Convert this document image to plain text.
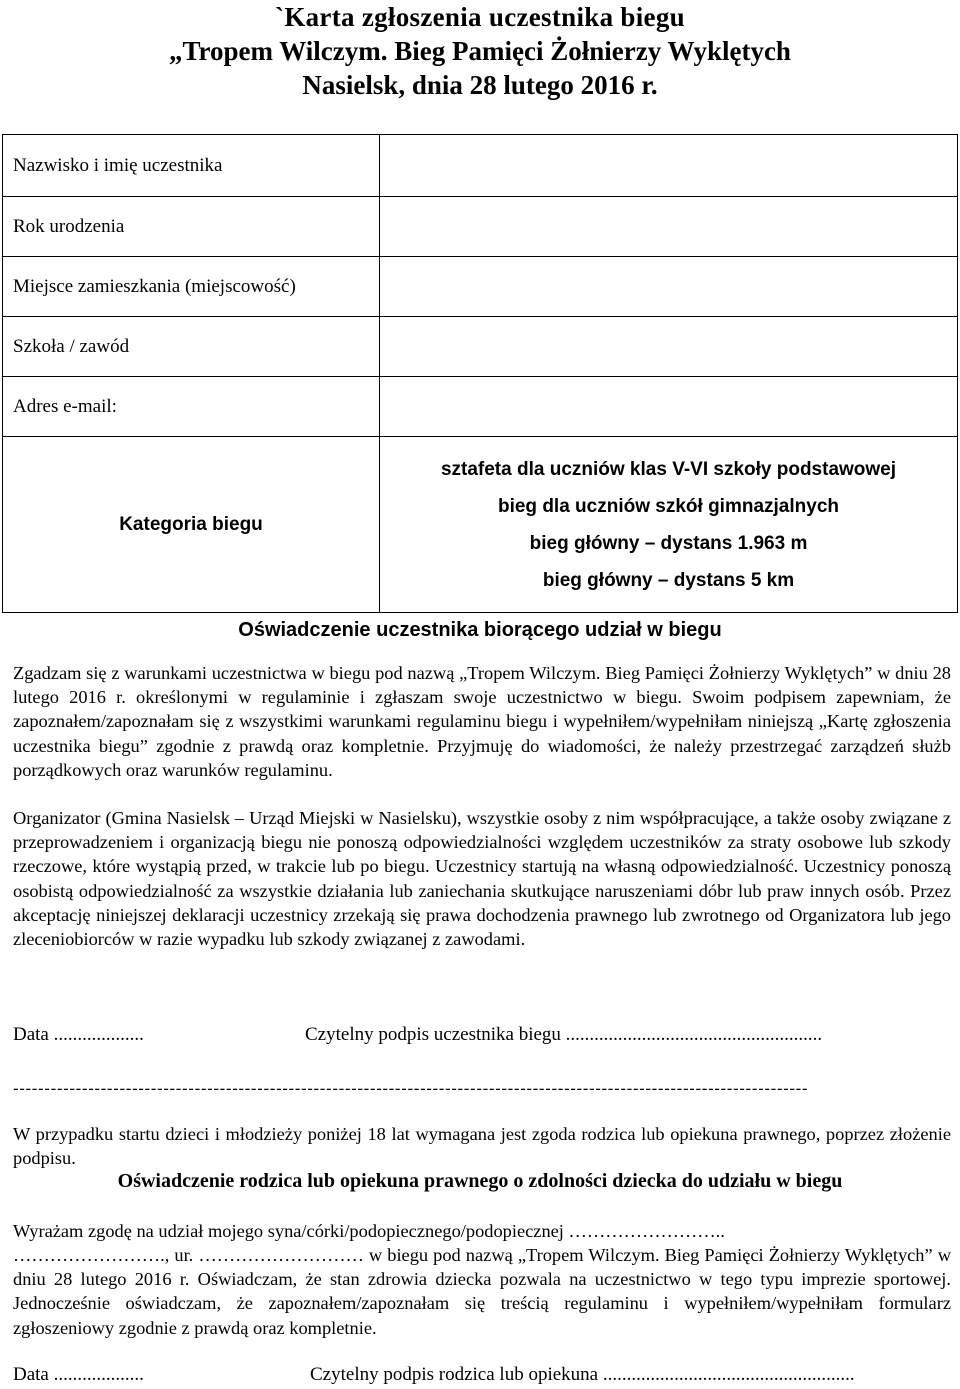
`Karta zgłoszenia uczestnika biegu
„Tropem Wilczym. Bieg Pamięci Żołnierzy Wyklętych
Nasielsk, dnia 28 lutego 2016 r.
Nazwisko i imię uczestnika	
Rok urodzenia	
Miejsce zamieszkania (miejscowość)	
Szkoła / zawód	
Adres e-mail:	
Kategoria biegu	sztafeta dla uczniów klas V-VI szkoły podstawowej
bieg dla uczniów szkół gimnazjalnych
bieg główny – dystans 1.963 m
bieg główny – dystans 5 km
Oświadczenie uczestnika biorącego udział w biegu
Zgadzam się z warunkami uczestnictwa w biegu pod nazwą „Tropem Wilczym. Bieg Pamięci Żołnierzy Wyklętych” w dniu 28 lutego 2016 r. określonymi w regulaminie i zgłaszam swoje uczestnictwo w biegu. Swoim podpisem zapewniam, że zapoznałem/zapoznałam się z wszystkimi warunkami regulaminu biegu i wypełniłem/wypełniłam niniejszą „Kartę zgłoszenia uczestnika biegu” zgodnie z prawdą oraz kompletnie. Przyjmuję do wiadomości, że należy przestrzegać zarządzeń służb porządkowych oraz warunków regulaminu.
Organizator (Gmina Nasielsk – Urząd Miejski w Nasielsku), wszystkie osoby z nim współpracujące, a także osoby związane z przeprowadzeniem i organizacją biegu nie ponoszą odpowiedzialności względem uczestników za straty osobowe lub szkody rzeczowe, które wystąpią przed, w trakcie lub po biegu. Uczestnicy startują na własną odpowiedzialność. Uczestnicy ponoszą osobistą odpowiedzialność za wszystkie działania lub zaniechania skutkujące naruszeniami dóbr lub praw innych osób. Przez akceptację niniejszej deklaracji uczestnicy zrzekają się prawa dochodzenia prawnego lub zwrotnego od Organizatora lub jego zleceniobiorców w razie wypadku lub szkody związanej z zawodami.
Data ...................	Czytelny podpis uczestnika biegu ......................................................
-------------------------------------------------------------------------------------------------------------------------------
W przypadku startu dzieci i młodzieży poniżej 18 lat wymagana jest zgoda rodzica lub opiekuna prawnego, poprzez złożenie podpisu.
Oświadczenie rodzica lub opiekuna prawnego o zdolności dziecka do udziału w biegu
Wyrażam zgodę na udział mojego syna/córki/podopiecznego/podopiecznej ……………………..
……………………., ur. ……………………… w biegu pod nazwą „Tropem Wilczym. Bieg Pamięci Żołnierzy Wyklętych” w dniu 28 lutego 2016 r. Oświadczam, że stan zdrowia dziecka pozwala na uczestnictwo w tego typu imprezie sportowej. Jednocześnie oświadczam, że zapoznałem/zapoznałam się treścią regulaminu i wypełniłem/wypełniłam formularz zgłoszeniowy zgodnie z prawdą oraz kompletnie.
Data ...................	Czytelny podpis rodzica lub opiekuna .....................................................
